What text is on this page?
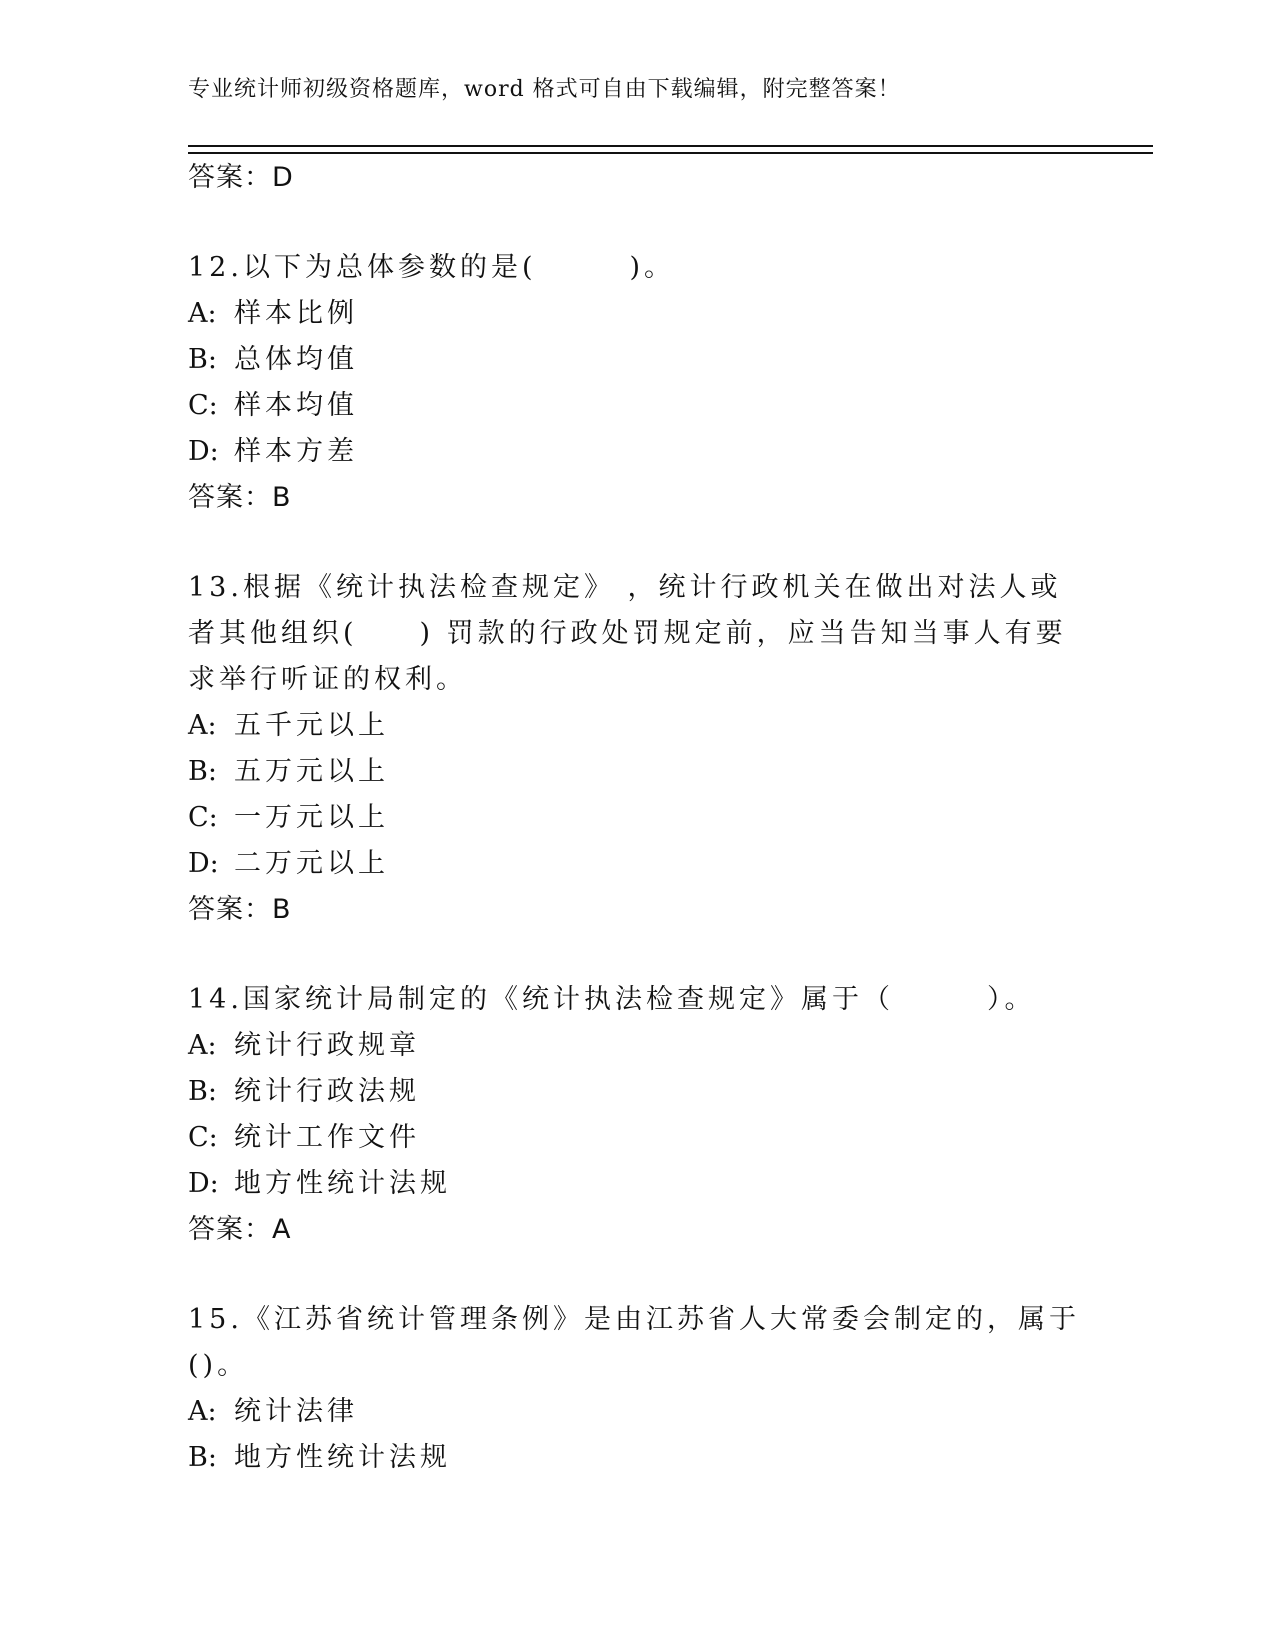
专业统计师初级资格题库，word 格式可自由下载编辑，附完整答案！
答案：D
12.以下为总体参数的是(　　　)。
A: 样本比例
B: 总体均值
C: 样本均值
D: 样本方差
答案：B
13.根据《统计执法检查规定》 ，统计行政机关在做出对法人或者其他组织(　　) 罚款的行政处罚规定前，应当告知当事人有要求举行听证的权利。
A: 五千元以上
B: 五万元以上
C: 一万元以上
D: 二万元以上
答案：B
14.国家统计局制定的《统计执法检查规定》属于（　　　）。
A: 统计行政规章
B: 统计行政法规
C: 统计工作文件
D: 地方性统计法规
答案：A
15.《江苏省统计管理条例》是由江苏省人大常委会制定的，属于()。
A: 统计法律
B: 地方性统计法规
